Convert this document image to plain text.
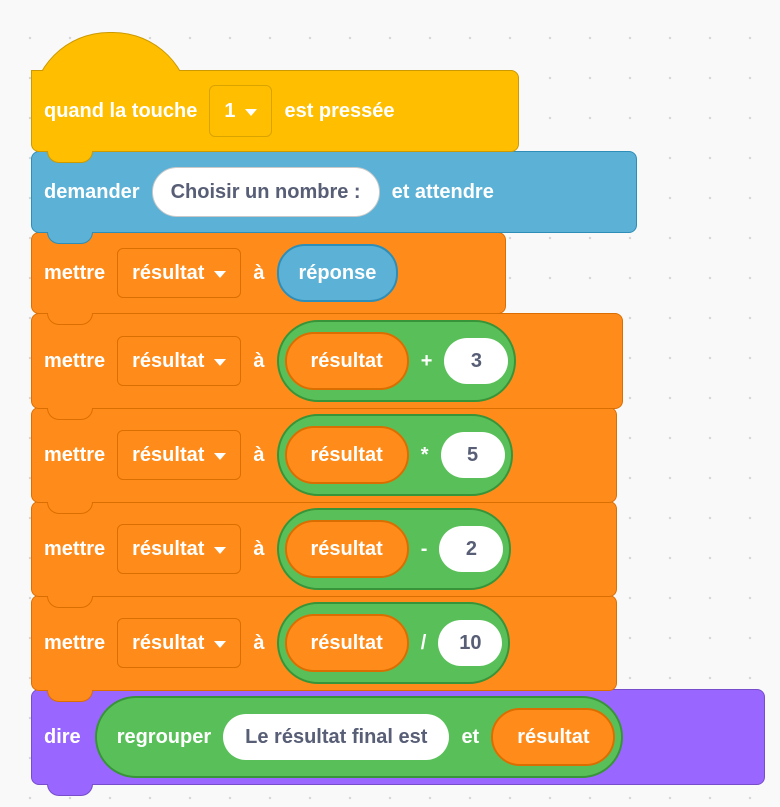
quand la touche 1 est pressée
demander	Choisir un nombre :	et attendre
mettre résultat à réponse
mettre résultat à	résultat	+	3
mettre résultat à	résultat	*	5
mettre résultat à	résultat	-	2
mettre résultat à	résultat	/	10
dire regrouper	Le résultat final est	et	résultat
